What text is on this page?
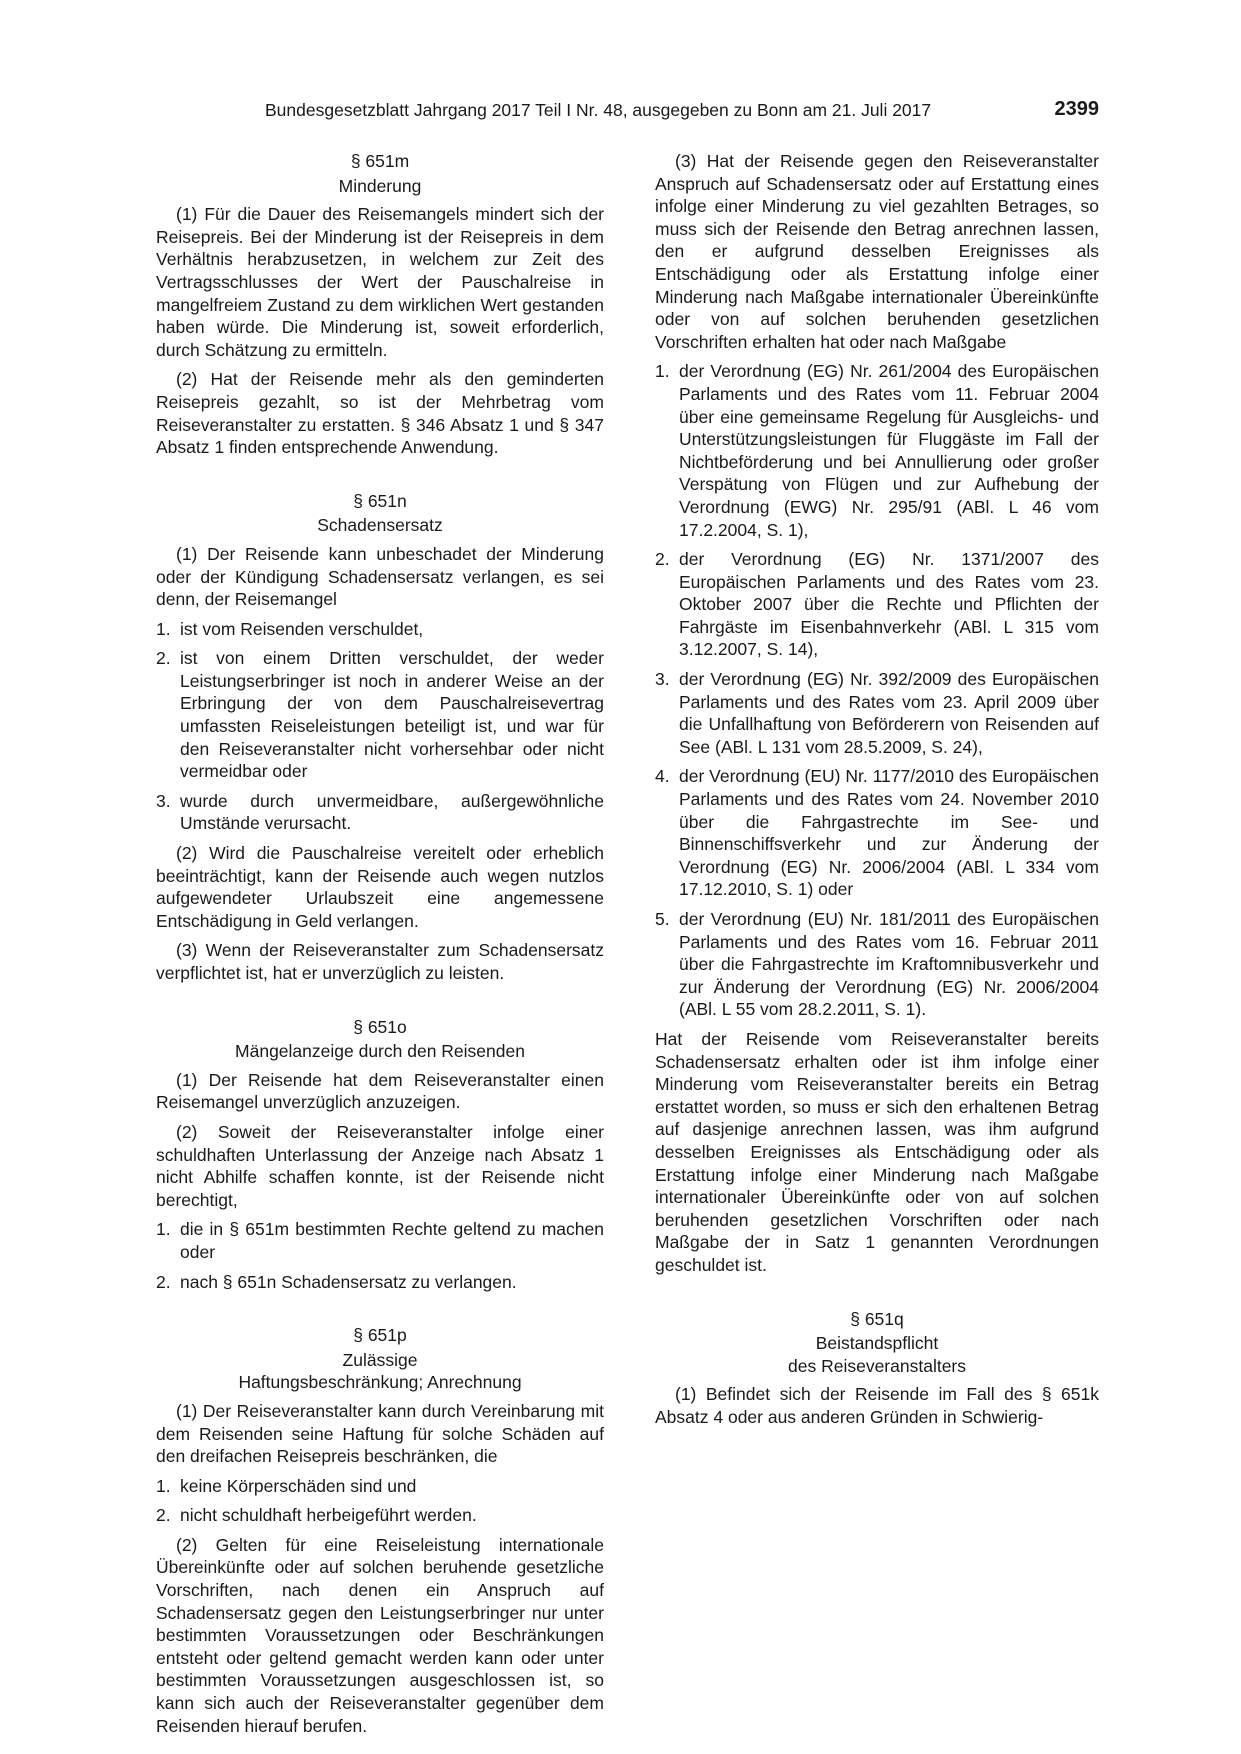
Bundesgesetzblatt Jahrgang 2017 Teil I Nr. 48, ausgegeben zu Bonn am 21. Juli 2017	2399
§ 651m
Minderung

(1) Für die Dauer des Reisemangels mindert sich der Reisepreis. Bei der Minderung ist der Reisepreis in dem Verhältnis herabzusetzen, in welchem zur Zeit des Vertragsschlusses der Wert der Pauschalreise in mangelfreiem Zustand zu dem wirklichen Wert gestanden haben würde. Die Minderung ist, soweit erforderlich, durch Schätzung zu ermitteln.

(2) Hat der Reisende mehr als den geminderten Reisepreis gezahlt, so ist der Mehrbetrag vom Reiseveranstalter zu erstatten. § 346 Absatz 1 und § 347 Absatz 1 finden entsprechende Anwendung.

§ 651n
Schadensersatz

(1) Der Reisende kann unbeschadet der Minderung oder der Kündigung Schadensersatz verlangen, es sei denn, der Reisemangel

1. ist vom Reisenden verschuldet,
2. ist von einem Dritten verschuldet, der weder Leistungserbringer ist noch in anderer Weise an der Erbringung der von dem Pauschalreisevertrag umfassten Reiseleistungen beteiligt ist, und war für den Reiseveranstalter nicht vorhersehbar oder nicht vermeidbar oder
3. wurde durch unvermeidbare, außergewöhnliche Umstände verursacht.

(2) Wird die Pauschalreise vereitelt oder erheblich beeinträchtigt, kann der Reisende auch wegen nutzlos aufgewendeter Urlaubszeit eine angemessene Entschädigung in Geld verlangen.

(3) Wenn der Reiseveranstalter zum Schadensersatz verpflichtet ist, hat er unverzüglich zu leisten.

§ 651o
Mängelanzeige durch den Reisenden

(1) Der Reisende hat dem Reiseveranstalter einen Reisemangel unverzüglich anzuzeigen.

(2) Soweit der Reiseveranstalter infolge einer schuldhaften Unterlassung der Anzeige nach Absatz 1 nicht Abhilfe schaffen konnte, ist der Reisende nicht berechtigt,

1. die in § 651m bestimmten Rechte geltend zu machen oder
2. nach § 651n Schadensersatz zu verlangen.
§ 651p
Zulässige
Haftungsbeschränkung; Anrechnung

(1) Der Reiseveranstalter kann durch Vereinbarung mit dem Reisenden seine Haftung für solche Schäden auf den dreifachen Reisepreis beschränken, die

1. keine Körperschäden sind und
2. nicht schuldhaft herbeigeführt werden.

(2) Gelten für eine Reiseleistung internationale Übereinkünfte oder auf solchen beruhende gesetzliche Vorschriften, nach denen ein Anspruch auf Schadensersatz gegen den Leistungserbringer nur unter bestimmten Voraussetzungen oder Beschränkungen entsteht oder geltend gemacht werden kann oder unter bestimmten Voraussetzungen ausgeschlossen ist, so kann sich auch der Reiseveranstalter gegenüber dem Reisenden hierauf berufen.

(3) Hat der Reisende gegen den Reiseveranstalter Anspruch auf Schadensersatz oder auf Erstattung eines infolge einer Minderung zu viel gezahlten Betrages, so muss sich der Reisende den Betrag anrechnen lassen, den er aufgrund desselben Ereignisses als Entschädigung oder als Erstattung infolge einer Minderung nach Maßgabe internationaler Übereinkünfte oder von auf solchen beruhenden gesetzlichen Vorschriften erhalten hat oder nach Maßgabe

1. der Verordnung (EG) Nr. 261/2004 des Europäischen Parlaments und des Rates vom 11. Februar 2004 über eine gemeinsame Regelung für Ausgleichs- und Unterstützungsleistungen für Fluggäste im Fall der Nichtbeförderung und bei Annullierung oder großer Verspätung von Flügen und zur Aufhebung der Verordnung (EWG) Nr. 295/91 (ABl. L 46 vom 17.2.2004, S. 1),
2. der Verordnung (EG) Nr. 1371/2007 des Europäischen Parlaments und des Rates vom 23. Oktober 2007 über die Rechte und Pflichten der Fahrgäste im Eisenbahnverkehr (ABl. L 315 vom 3.12.2007, S. 14),
3. der Verordnung (EG) Nr. 392/2009 des Europäischen Parlaments und des Rates vom 23. April 2009 über die Unfallhaftung von Beförderern von Reisenden auf See (ABl. L 131 vom 28.5.2009, S. 24),
4. der Verordnung (EU) Nr. 1177/2010 des Europäischen Parlaments und des Rates vom 24. November 2010 über die Fahrgastrechte im See- und Binnenschiffsverkehr und zur Änderung der Verordnung (EG) Nr. 2006/2004 (ABl. L 334 vom 17.12.2010, S. 1) oder
5. der Verordnung (EU) Nr. 181/2011 des Europäischen Parlaments und des Rates vom 16. Februar 2011 über die Fahrgastrechte im Kraftomnibusverkehr und zur Änderung der Verordnung (EG) Nr. 2006/2004 (ABl. L 55 vom 28.2.2011, S. 1).

Hat der Reisende vom Reiseveranstalter bereits Schadensersatz erhalten oder ist ihm infolge einer Minderung vom Reiseveranstalter bereits ein Betrag erstattet worden, so muss er sich den erhaltenen Betrag auf dasjenige anrechnen lassen, was ihm aufgrund desselben Ereignisses als Entschädigung oder als Erstattung infolge einer Minderung nach Maßgabe internationaler Übereinkünfte oder von auf solchen beruhenden gesetzlichen Vorschriften oder nach Maßgabe der in Satz 1 genannten Verordnungen geschuldet ist.

§ 651q
Beistandspflicht
des Reiseveranstalters

(1) Befindet sich der Reisende im Fall des § 651k Absatz 4 oder aus anderen Gründen in Schwierig-
